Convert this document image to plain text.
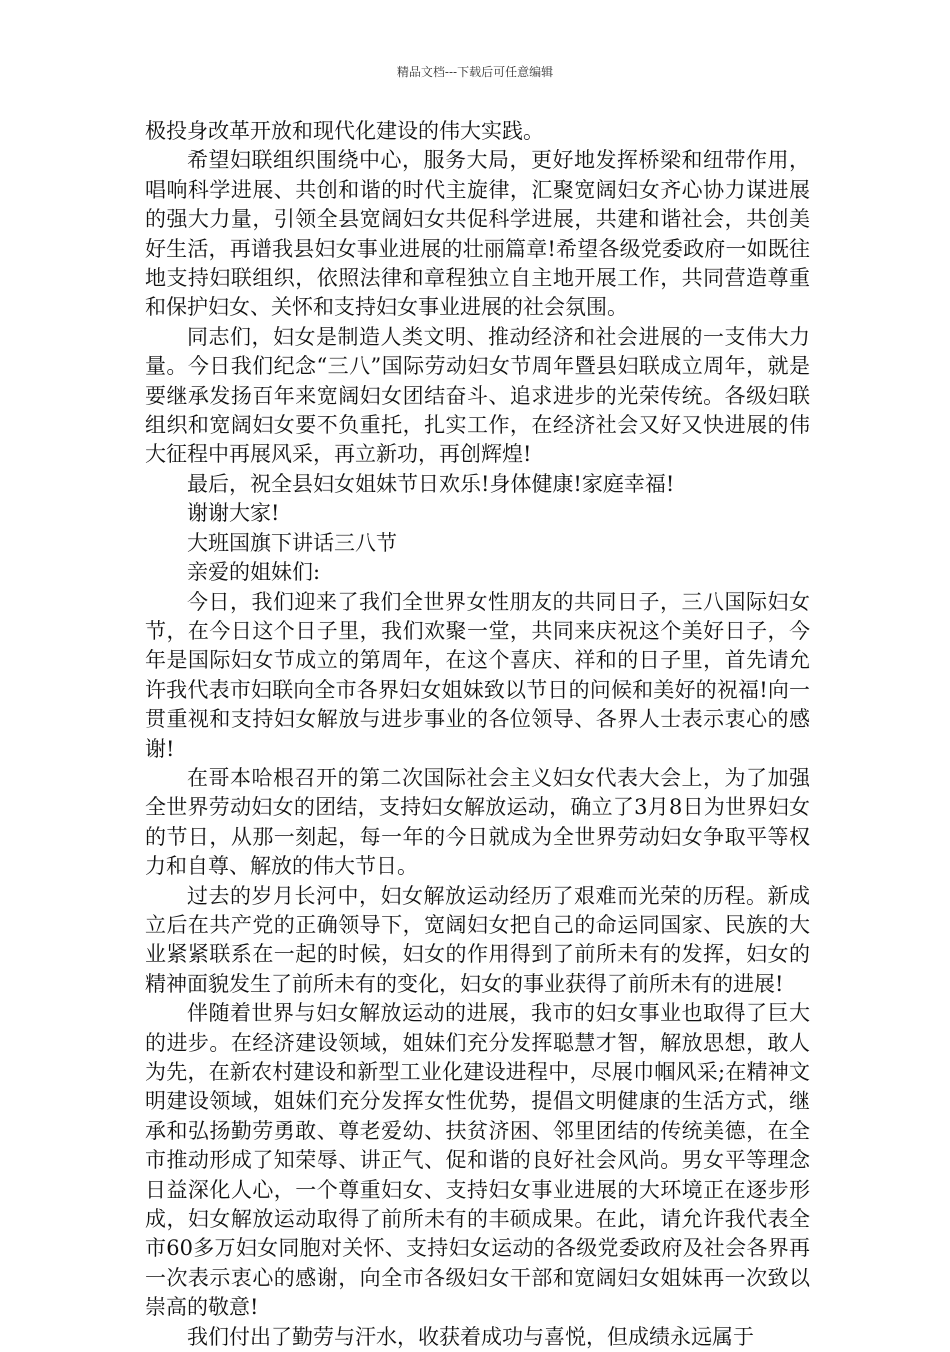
精品文档---下载后可任意编辑

极投身改革开放和现代化建设的伟大实践。

希望妇联组织围绕中心，服务大局，更好地发挥桥梁和纽带作用，唱响科学进展、共创和谐的时代主旋律，汇聚宽阔妇女齐心协力谋进展的强大力量，引领全县宽阔妇女共促科学进展，共建和谐社会，共创美好生活，再谱我县妇女事业进展的壮丽篇章!希望各级党委政府一如既往地支持妇联组织，依照法律和章程独立自主地开展工作，共同营造尊重和保护妇女、关怀和支持妇女事业进展的社会氛围。

同志们，妇女是制造人类文明、推动经济和社会进展的一支伟大力量。今日我们纪念“三八”国际劳动妇女节周年暨县妇联成立周年，就是要继承发扬百年来宽阔妇女团结奋斗、追求进步的光荣传统。各级妇联组织和宽阔妇女要不负重托，扎实工作，在经济社会又好又快进展的伟大征程中再展风采，再立新功，再创辉煌!

最后，祝全县妇女姐妹节日欢乐!身体健康!家庭幸福!

谢谢大家!

大班国旗下讲话三八节

亲爱的姐妹们:

今日，我们迎来了我们全世界女性朋友的共同日子，三八国际妇女节，在今日这个日子里，我们欢聚一堂，共同来庆祝这个美好日子，今年是国际妇女节成立的第周年，在这个喜庆、祥和的日子里，首先请允许我代表市妇联向全市各界妇女姐妹致以节日的问候和美好的祝福!向一贯重视和支持妇女解放与进步事业的各位领导、各界人士表示衷心的感谢!

在哥本哈根召开的第二次国际社会主义妇女代表大会上，为了加强全世界劳动妇女的团结，支持妇女解放运动，确立了3月8日为世界妇女的节日，从那一刻起，每一年的今日就成为全世界劳动妇女争取平等权力和自尊、解放的伟大节日。

过去的岁月长河中，妇女解放运动经历了艰难而光荣的历程。新成立后在共产党的正确领导下，宽阔妇女把自己的命运同国家、民族的大业紧紧联系在一起的时候，妇女的作用得到了前所未有的发挥，妇女的精神面貌发生了前所未有的变化，妇女的事业获得了前所未有的进展!

伴随着世界与妇女解放运动的进展，我市的妇女事业也取得了巨大的进步。在经济建设领域，姐妹们充分发挥聪慧才智，解放思想，敢人为先，在新农村建设和新型工业化建设进程中，尽展巾帼风采;在精神文明建设领域，姐妹们充分发挥女性优势，提倡文明健康的生活方式，继承和弘扬勤劳勇敢、尊老爱幼、扶贫济困、邻里团结的传统美德，在全市推动形成了知荣辱、讲正气、促和谐的良好社会风尚。男女平等理念日益深化人心，一个尊重妇女、支持妇女事业进展的大环境正在逐步形成，妇女解放运动取得了前所未有的丰硕成果。在此，请允许我代表全市60多万妇女同胞对关怀、支持妇女运动的各级党委政府及社会各界再一次表示衷心的感谢，向全市各级妇女干部和宽阔妇女姐妹再一次致以崇高的敬意!

我们付出了勤劳与汗水，收获着成功与喜悦，但成绩永远属于
